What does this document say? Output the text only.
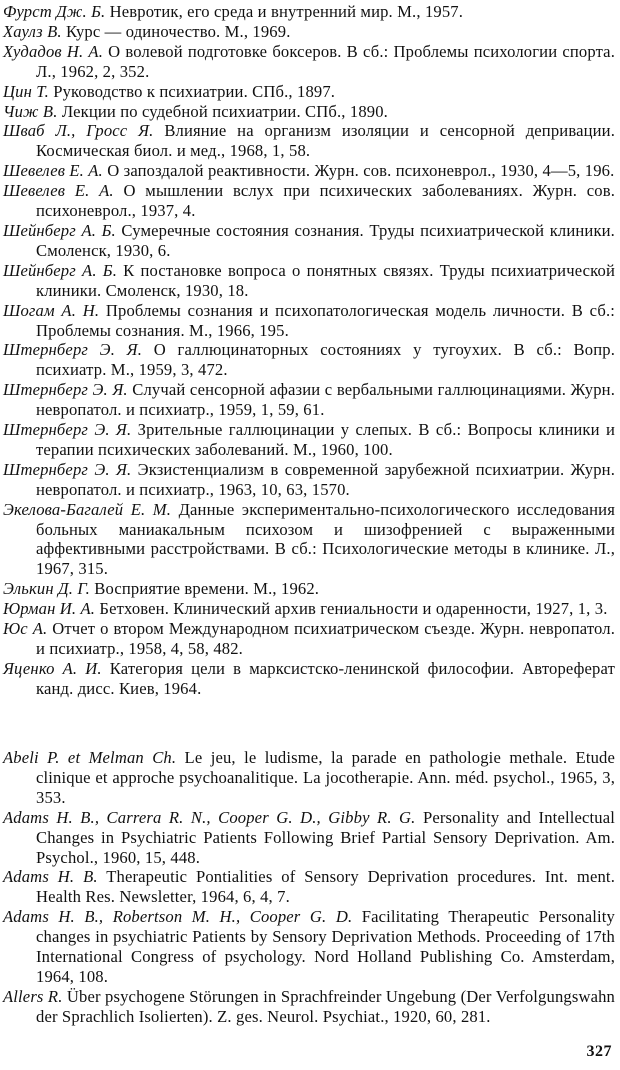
Фурст Дж. Б. Невротик, его среда и внутренний мир. М., 1957.

Хаулз В. Курс — одиночество. М., 1969.

Худадов Н. А. О волевой подготовке боксеров. В сб.: Проблемы психологии спорта. Л., 1962, 2, 352.

Цин Т. Руководство к психиатрии. СПб., 1897.

Чиж В. Лекции по судебной психиатрии. СПб., 1890.

Шваб Л., Гросс Я. Влияние на организм изоляции и сенсорной депривации. Космическая биол. и мед., 1968, 1, 58.

Шевелев Е. А. О запоздалой реактивности. Журн. сов. психоневрол., 1930, 4—5, 196.

Шевелев Е. А. О мышлении вслух при психических заболеваниях. Журн. сов. психоневрол., 1937, 4.

Шейнберг А. Б. Сумеречные состояния сознания. Труды психиатрической клиники. Смоленск, 1930, 6.

Шейнберг А. Б. К постановке вопроса о понятных связях. Труды психиатрической клиники. Смоленск, 1930, 18.

Шогам А. Н. Проблемы сознания и психопатологическая модель личности. В сб.: Проблемы сознания. М., 1966, 195.

Штернберг Э. Я. О галлюцинаторных состояниях у тугоухих. В сб.: Вопр. психиатр. М., 1959, 3, 472.

Штернберг Э. Я. Случай сенсорной афазии с вербальными галлюцинациями. Журн. невропатол. и психиатр., 1959, 1, 59, 61.

Штернберг Э. Я. Зрительные галлюцинации у слепых. В сб.: Вопросы клиники и терапии психических заболеваний. М., 1960, 100.

Штернберг Э. Я. Экзистенциализм в современной зарубежной психиатрии. Журн. невропатол. и психиатр., 1963, 10, 63, 1570.

Экелова-Багалей Е. М. Данные экспериментально-психологического исследования больных маниакальным психозом и шизофренией с выраженными аффективными расстройствами. В сб.: Психологические методы в клинике. Л., 1967, 315.

Элькин Д. Г. Восприятие времени. М., 1962.

Юрман И. А. Бетховен. Клинический архив гениальности и одаренности, 1927, 1, 3.

Юс А. Отчет о втором Международном психиатрическом съезде. Журн. невропатол. и психиатр., 1958, 4, 58, 482.

Яценко А. И. Категория цели в марксистско-ленинской философии. Автореферат канд. дисс. Киев, 1964.

Abeli P. et Melman Ch. Le jeu, le ludisme, la parade en pathologie methale. Etude clinique et approche psychoanalitique. La jocotherapie. Ann. méd. psychol., 1965, 3, 353.

Adams H. B., Carrera R. N., Cooper G. D., Gibby R. G. Personality and Intellectual Changes in Psychiatric Patients Following Brief Partial Sensory Deprivation. Am. Psychol., 1960, 15, 448.

Adams H. B. Therapeutic Pontialities of Sensory Deprivation procedures. Int. ment. Health Res. Newsletter, 1964, 6, 4, 7.

Adams H. B., Robertson M. H., Cooper G. D. Facilitating Therapeutic Personality changes in psychiatric Patients by Sensory Deprivation Methods. Proceeding of 17th International Congress of psychology. Nord Holland Publishing Co. Amsterdam, 1964, 108.

Allers R. Über psychogene Störungen in Sprachfreinder Ungebung (Der Verfolgungswahn der Sprachlich Isolierten). Z. ges. Neurol. Psychiat., 1920, 60, 281.

327
